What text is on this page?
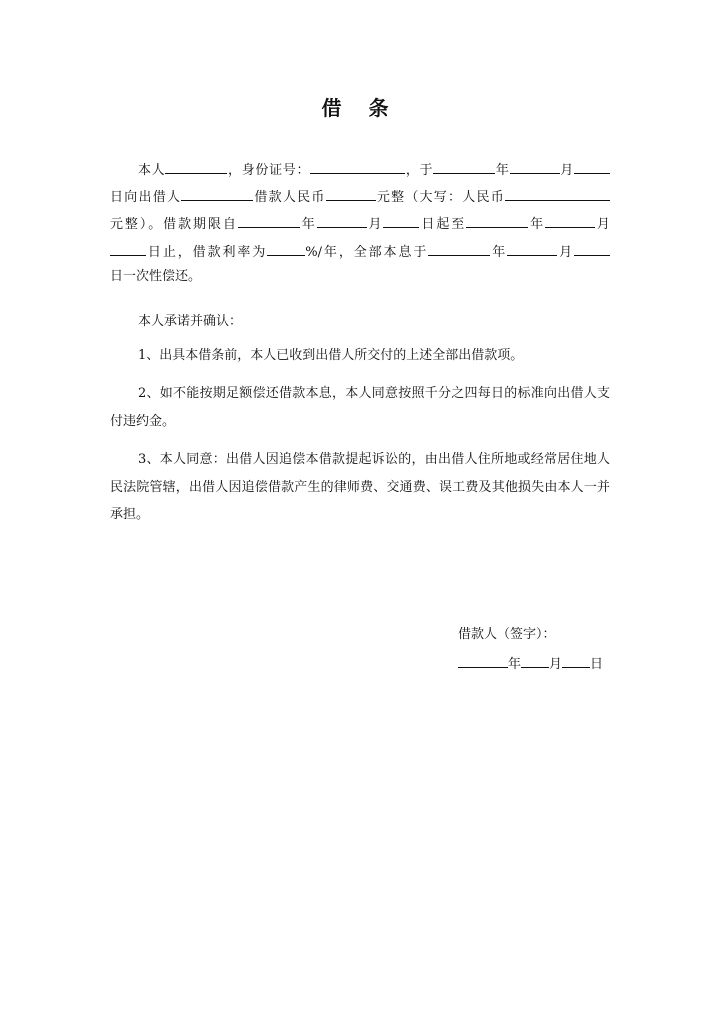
借 条
本人	，身份证号：	，于	年	月
日向出借人	借款人民币	元整（大写：人民币
元整）。借款期限自	年	月	日起至	年	月
日止，借款利率为	%/年，全部本息于	年	月
日一次性偿还。
本人承诺并确认：
1、出具本借条前，本人已收到出借人所交付的上述全部出借款项。
2、如不能按期足额偿还借款本息，本人同意按照千分之四每日的标准向出借人支付违约金。
3、本人同意：出借人因追偿本借款提起诉讼的，由出借人住所地或经常居住地人民法院管辖，出借人因追偿借款产生的律师费、交通费、误工费及其他损失由本人一并承担。
借款人（签字）：
年 月 日
